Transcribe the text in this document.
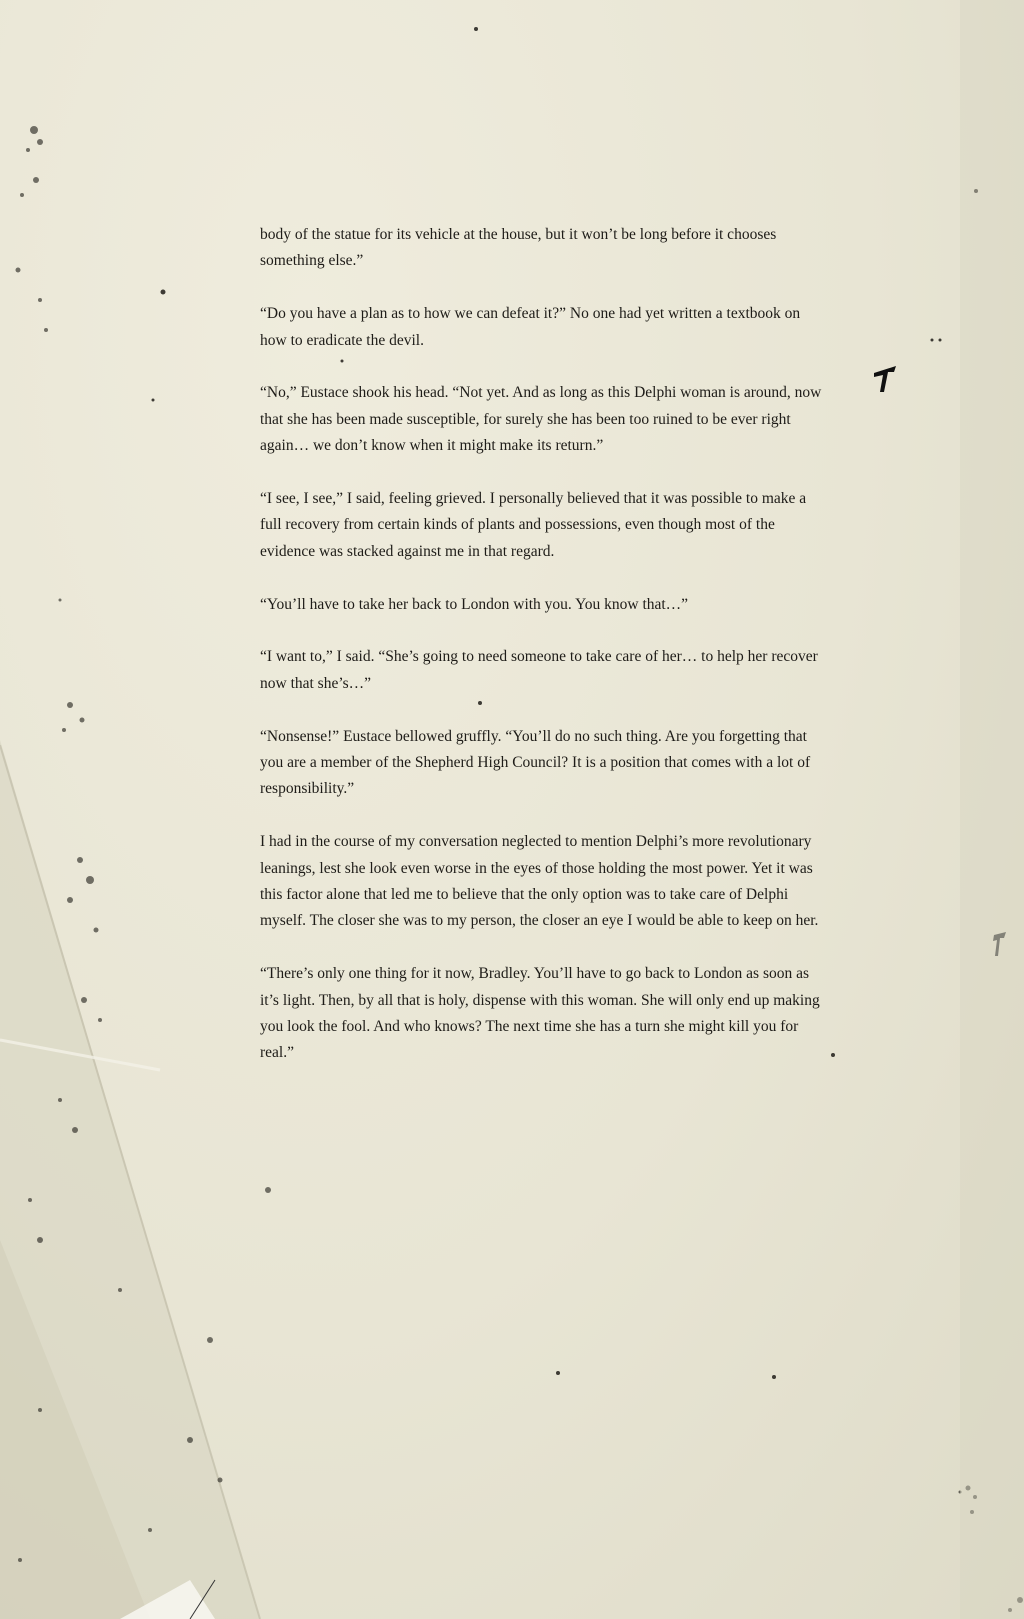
body of the statue for its vehicle at the house, but it won’t be long before it chooses something else.”

“Do you have a plan as to how we can defeat it?” No one had yet written a textbook on how to eradicate the devil.

“No,” Eustace shook his head. “Not yet. And as long as this Delphi woman is around, now that she has been made susceptible, for surely she has been too ruined to be ever right again… we don’t know when it might make its return.”

“I see, I see,” I said, feeling grieved. I personally believed that it was possible to make a full recovery from certain kinds of plants and possessions, even though most of the evidence was stacked against me in that regard.

“You’ll have to take her back to London with you. You know that…”

“I want to,” I said. “She’s going to need someone to take care of her… to help her recover now that she’s…”

“Nonsense!” Eustace bellowed gruffly. “You’ll do no such thing. Are you forgetting that you are a member of the Shepherd High Council? It is a position that comes with a lot of responsibility.”

I had in the course of my conversation neglected to mention Delphi’s more revolutionary leanings, lest she look even worse in the eyes of those holding the most power. Yet it was this factor alone that led me to believe that the only option was to take care of Delphi myself. The closer she was to my person, the closer an eye I would be able to keep on her.

“There’s only one thing for it now, Bradley. You’ll have to go back to London as soon as it’s light. Then, by all that is holy, dispense with this woman. She will only end up making you look the fool. And who knows? The next time she has a turn she might kill you for real.”
